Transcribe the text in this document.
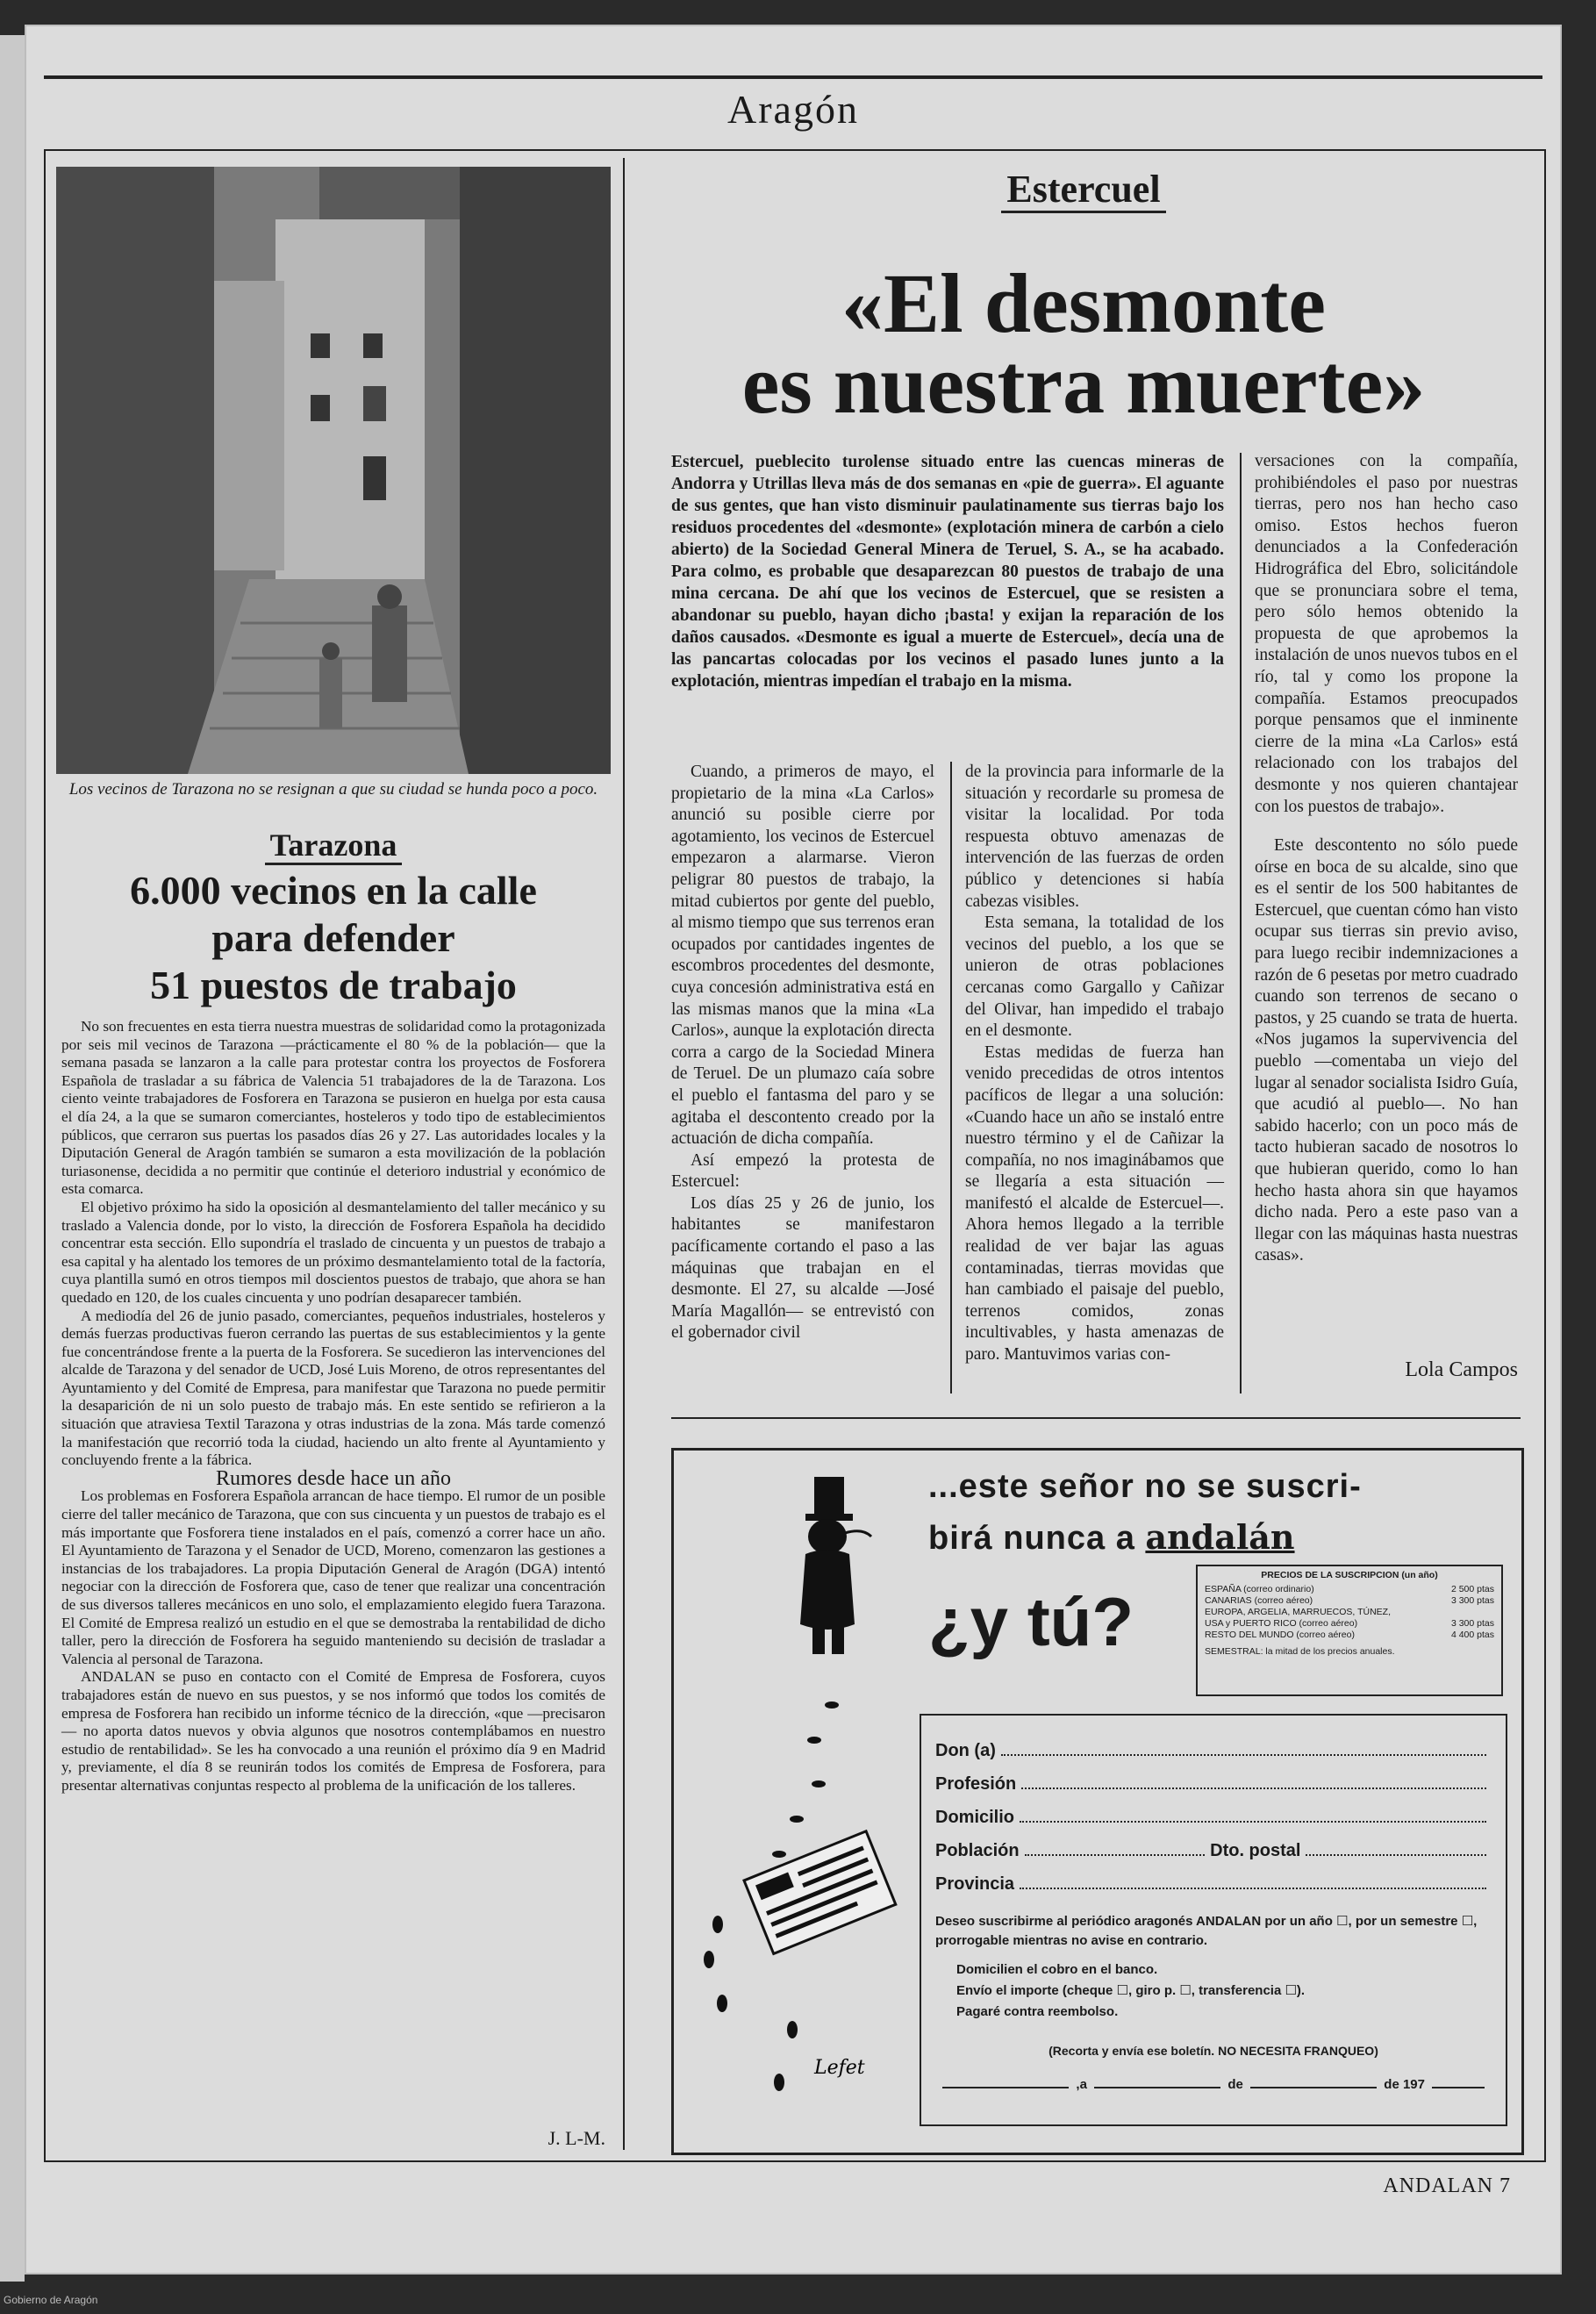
Aragón
Los vecinos de Tarazona no se resignan a que su ciudad se hunda poco a poco.
Tarazona
6.000 vecinos en la calle
para defender
51 puestos de trabajo

No son frecuentes en esta tierra nuestra muestras de solidaridad como la protagonizada por seis mil vecinos de Tarazona —prácticamente el 80 % de la población— que la semana pasada se lanzaron a la calle para protestar contra los proyectos de Fosforera Española de trasladar a su fábrica de Valencia 51 trabajadores de la de Tarazona. Los ciento veinte trabajadores de Fosforera en Tarazona se pusieron en huelga por esta causa el día 24, a la que se sumaron comerciantes, hosteleros y todo tipo de establecimientos públicos, que cerraron sus puertas los pasados días 26 y 27. Las autoridades locales y la Diputación General de Aragón también se sumaron a esta movilización de la población turiasonense, decidida a no permitir que continúe el deterioro industrial y económico de esta comarca.

El objetivo próximo ha sido la oposición al desmantelamiento del taller mecánico y su traslado a Valencia donde, por lo visto, la dirección de Fosforera Española ha decidido concentrar esta sección. Ello supondría el traslado de cincuenta y un puestos de trabajo a esa capital y ha alentado los temores de un próximo desmantelamiento total de la factoría, cuya plantilla sumó en otros tiempos mil doscientos puestos de trabajo, que ahora se han quedado en 120, de los cuales cincuenta y uno podrían desaparecer también.

A mediodía del 26 de junio pasado, comerciantes, pequeños industriales, hosteleros y demás fuerzas productivas fueron cerrando las puertas de sus establecimientos y la gente fue concentrándose frente a la puerta de la Fosforera. Se sucedieron las intervenciones del alcalde de Tarazona y del senador de UCD, José Luis Moreno, de otros representantes del Ayuntamiento y del Comité de Empresa, para manifestar que Tarazona no puede permitir la desaparición de ni un solo puesto de trabajo más. En este sentido se refirieron a la situación que atraviesa Textil Tarazona y otras industrias de la zona. Más tarde comenzó la manifestación que recorrió toda la ciudad, haciendo un alto frente al Ayuntamiento y concluyendo frente a la fábrica.

Rumores desde hace un año

Los problemas en Fosforera Española arrancan de hace tiempo. El rumor de un posible cierre del taller mecánico de Tarazona, que con sus cincuenta y un puestos de trabajo es el más importante que Fosforera tiene instalados en el país, comenzó a correr hace un año. El Ayuntamiento de Tarazona y el Senador de UCD, Moreno, comenzaron las gestiones a instancias de los trabajadores. La propia Diputación General de Aragón (DGA) intentó negociar con la dirección de Fosforera que, caso de tener que realizar una concentración de sus diversos talleres mecánicos en uno solo, el emplazamiento elegido fuera Tarazona. El Comité de Empresa realizó un estudio en el que se demostraba la rentabilidad de dicho taller, pero la dirección de Fosforera ha seguido manteniendo su decisión de trasladar a Valencia al personal de Tarazona.

ANDALAN se puso en contacto con el Comité de Empresa de Fosforera, cuyos trabajadores están de nuevo en sus puestos, y se nos informó que todos los comités de empresa de Fosforera han recibido un informe técnico de la dirección, «que —precisaron— no aporta datos nuevos y obvia algunos que nosotros contemplábamos en nuestro estudio de rentabilidad». Se les ha convocado a una reunión el próximo día 9 en Madrid y, previamente, el día 8 se reunirán todos los comités de Empresa de Fosforera, para presentar alternativas conjuntas respecto al problema de la unificación de los talleres.

J. L-M.
Estercuel
«El desmonte
es nuestra muerte»
Estercuel, pueblecito turolense situado entre las cuencas mineras de Andorra y Utrillas lleva más de dos semanas en «pie de guerra». El aguante de sus gentes, que han visto disminuir paulatinamente sus tierras bajo los residuos procedentes del «desmonte» (explotación minera de carbón a cielo abierto) de la Sociedad General Minera de Teruel, S. A., se ha acabado. Para colmo, es probable que desaparezcan 80 puestos de trabajo de una mina cercana. De ahí que los vecinos de Estercuel, que se resisten a abandonar su pueblo, hayan dicho ¡basta! y exijan la reparación de los daños causados. «Desmonte es igual a muerte de Estercuel», decía una de las pancartas colocadas por los vecinos el pasado lunes junto a la explotación, mientras impedían el trabajo en la misma.

Cuando, a primeros de mayo, el propietario de la mina «La Carlos» anunció su posible cierre por agotamiento, los vecinos de Estercuel empezaron a alarmarse. Vieron peligrar 80 puestos de trabajo, la mitad cubiertos por gente del pueblo, al mismo tiempo que sus terrenos eran ocupados por cantidades ingentes de escombros procedentes del desmonte, cuya concesión administrativa está en las mismas manos que la mina «La Carlos», aunque la explotación directa corra a cargo de la Sociedad Minera de Teruel. De un plumazo caía sobre el pueblo el fantasma del paro y se agitaba el descontento creado por la actuación de dicha compañía.

Así empezó la protesta de Estercuel:

Los días 25 y 26 de junio, los habitantes se manifestaron pacíficamente cortando el paso a las máquinas que trabajan en el desmonte. El 27, su alcalde —José María Magallón— se entrevistó con el gobernador civil

de la provincia para informarle de la situación y recordarle su promesa de visitar la localidad. Por toda respuesta obtuvo amenazas de intervención de las fuerzas de orden público y detenciones si había cabezas visibles.

Esta semana, la totalidad de los vecinos del pueblo, a los que se unieron de otras poblaciones cercanas como Gargallo y Cañizar del Olivar, han impedido el trabajo en el desmonte.

Estas medidas de fuerza han venido precedidas de otros intentos pacíficos de llegar a una solución: «Cuando hace un año se instaló entre nuestro término y el de Cañizar la compañía, no nos imaginábamos que se llegaría a esta situación —manifestó el alcalde de Estercuel—. Ahora hemos llegado a la terrible realidad de ver bajar las aguas contaminadas, tierras movidas que han cambiado el paisaje del pueblo, terrenos comidos, zonas incultivables, y hasta amenazas de paro. Mantuvimos varias con-

versaciones con la compañía, prohibiéndoles el paso por nuestras tierras, pero nos han hecho caso omiso. Estos hechos fueron denunciados a la Confederación Hidrográfica del Ebro, solicitándole que se pronunciara sobre el tema, pero sólo hemos obtenido la propuesta de que aprobemos la instalación de unos nuevos tubos en el río, tal y como los propone la compañía. Estamos preocupados porque pensamos que el inminente cierre de la mina «La Carlos» está relacionado con los trabajos del desmonte y nos quieren chantajear con los puestos de trabajo».

Este descontento no sólo puede oírse en boca de su alcalde, sino que es el sentir de los 500 habitantes de Estercuel, que cuentan cómo han visto ocupar sus tierras sin previo aviso, para luego recibir indemnizaciones a razón de 6 pesetas por metro cuadrado cuando son terrenos de secano o pastos, y 25 cuando se trata de huerta. «Nos jugamos la supervivencia del pueblo —comentaba un viejo del lugar al senador socialista Isidro Guía, que acudió al pueblo—. No han sabido hacerlo; con un poco más de tacto hubieran sacado de nosotros lo que hubieran querido, como lo han hecho hasta ahora sin que hayamos dicho nada. Pero a este paso van a llegar con las máquinas hasta nuestras casas».

Lola Campos
Lefet
...este señor no se suscri-
birá nunca a andalán
¿y tú?
PRECIOS DE LA SUSCRIPCION (un año)
ESPAÑA (correo ordinario)	2 500 ptas
CANARIAS (correo aéreo)	3 300 ptas
EUROPA, ARGELIA, MARRUECOS, TÚNEZ, USA y PUERTO RICO (correo aéreo)	3 300 ptas
RESTO DEL MUNDO (correo aéreo)	4 400 ptas
SEMESTRAL: la mitad de los precios anuales.
Don (a)
Profesión
Domicilio
Población	Dto. postal
Provincia
Deseo suscribirme al periódico aragonés ANDALAN por un año ☐, por un semestre ☐, prorrogable mientras no avise en contrario.
Domicilien el cobro en el banco.
Envío el importe (cheque ☐, giro p. ☐, transferencia ☐).
Pagaré contra reembolso.
(Recorta y envía ese boletín. NO NECESITA FRANQUEO)
,a	de	de 197
ANDALAN 7
Gobierno de Aragón
